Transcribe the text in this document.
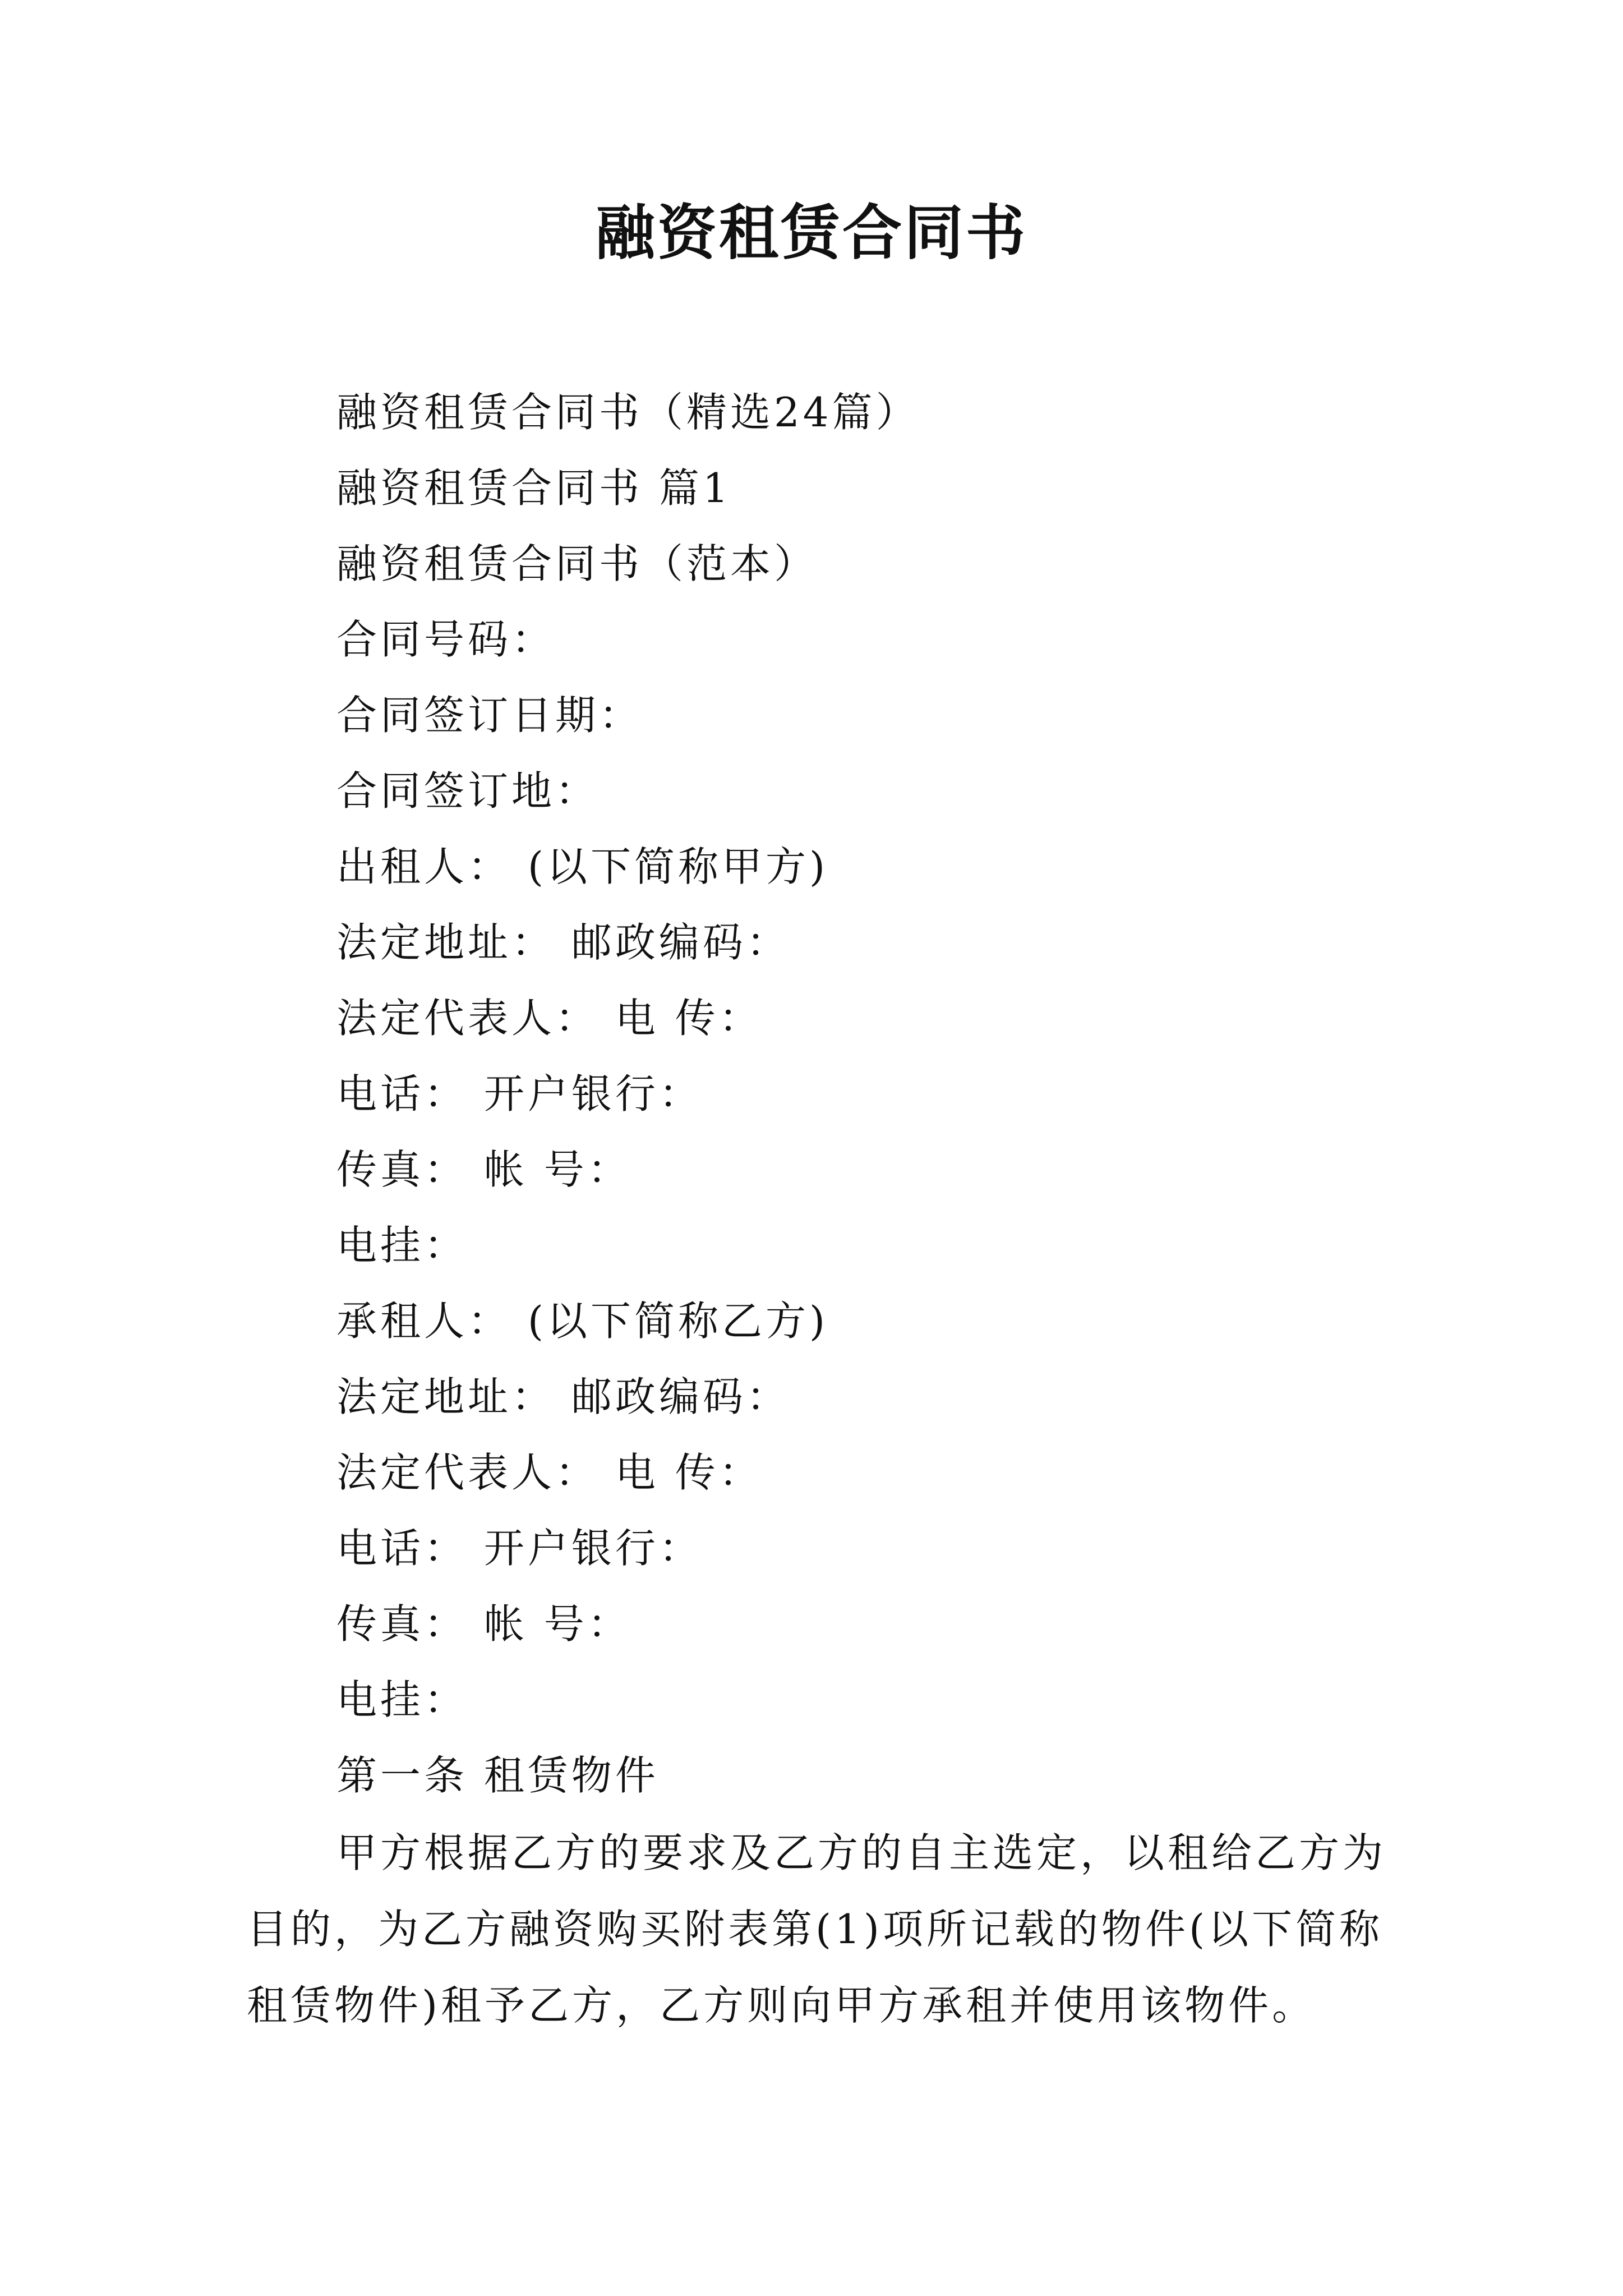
融资租赁合同书

融资租赁合同书（精选24篇）

融资租赁合同书 篇1

融资租赁合同书（范本）

合同号码：

合同签订日期：

合同签订地：

出租人： (以下简称甲方)

法定地址： 邮政编码：

法定代表人： 电 传：

电话： 开户银行：

传真： 帐 号：

电挂：

承租人： (以下简称乙方)

法定地址： 邮政编码：

法定代表人： 电 传：

电话： 开户银行：

传真： 帐 号：

电挂：

第一条 租赁物件

甲方根据乙方的要求及乙方的自主选定，以租给乙方为目的，为乙方融资购买附表第(1)项所记载的物件(以下简称租赁物件)租予乙方，乙方则向甲方承租并使用该物件。
